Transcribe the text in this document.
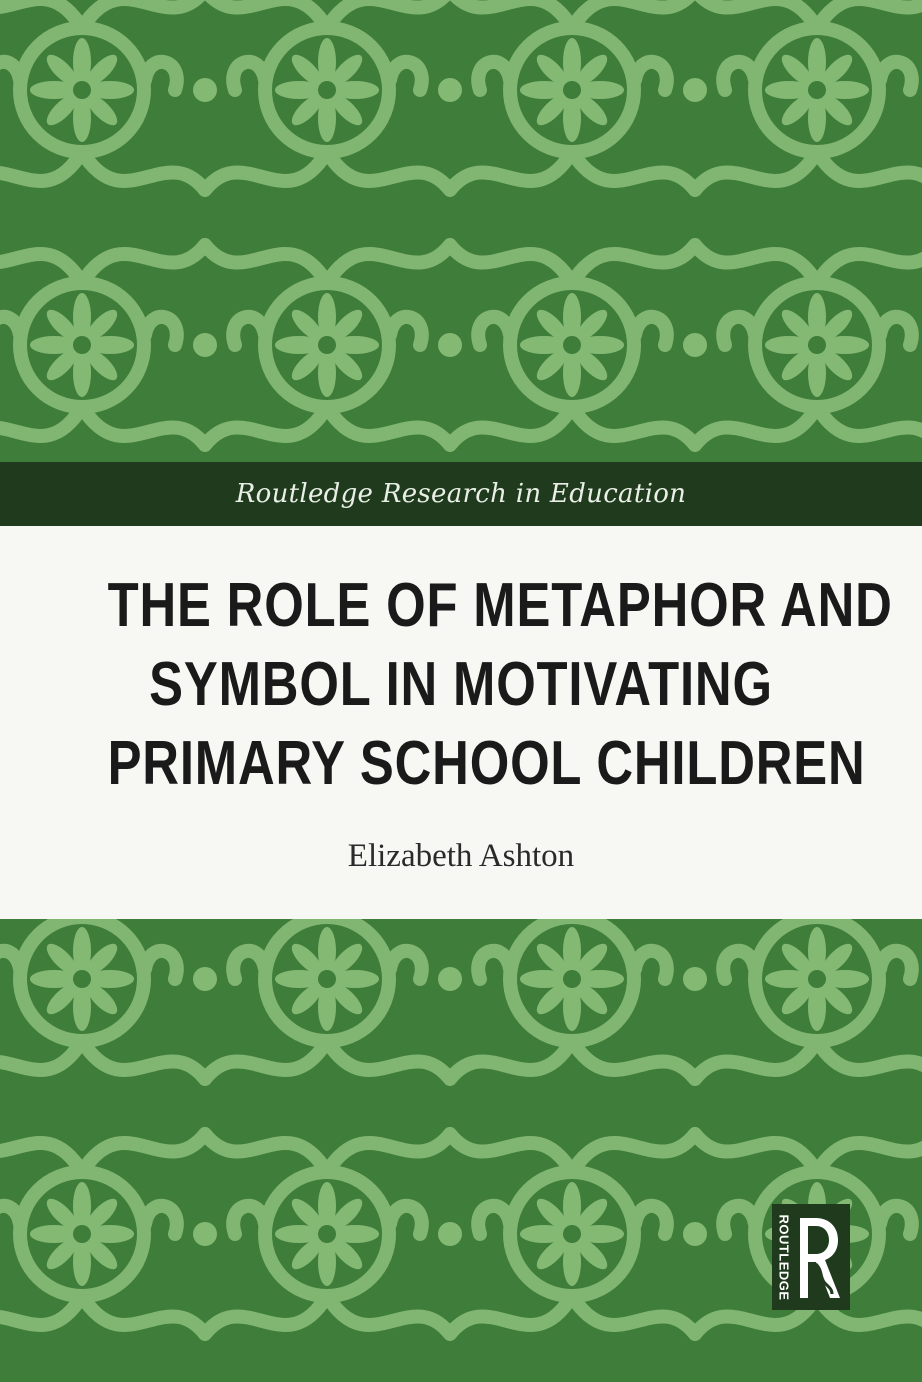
Routledge Research in Education
THE ROLE OF METAPHOR AND
SYMBOL IN MOTIVATING
PRIMARY SCHOOL CHILDREN
Elizabeth Ashton
ROUTLEDGE
